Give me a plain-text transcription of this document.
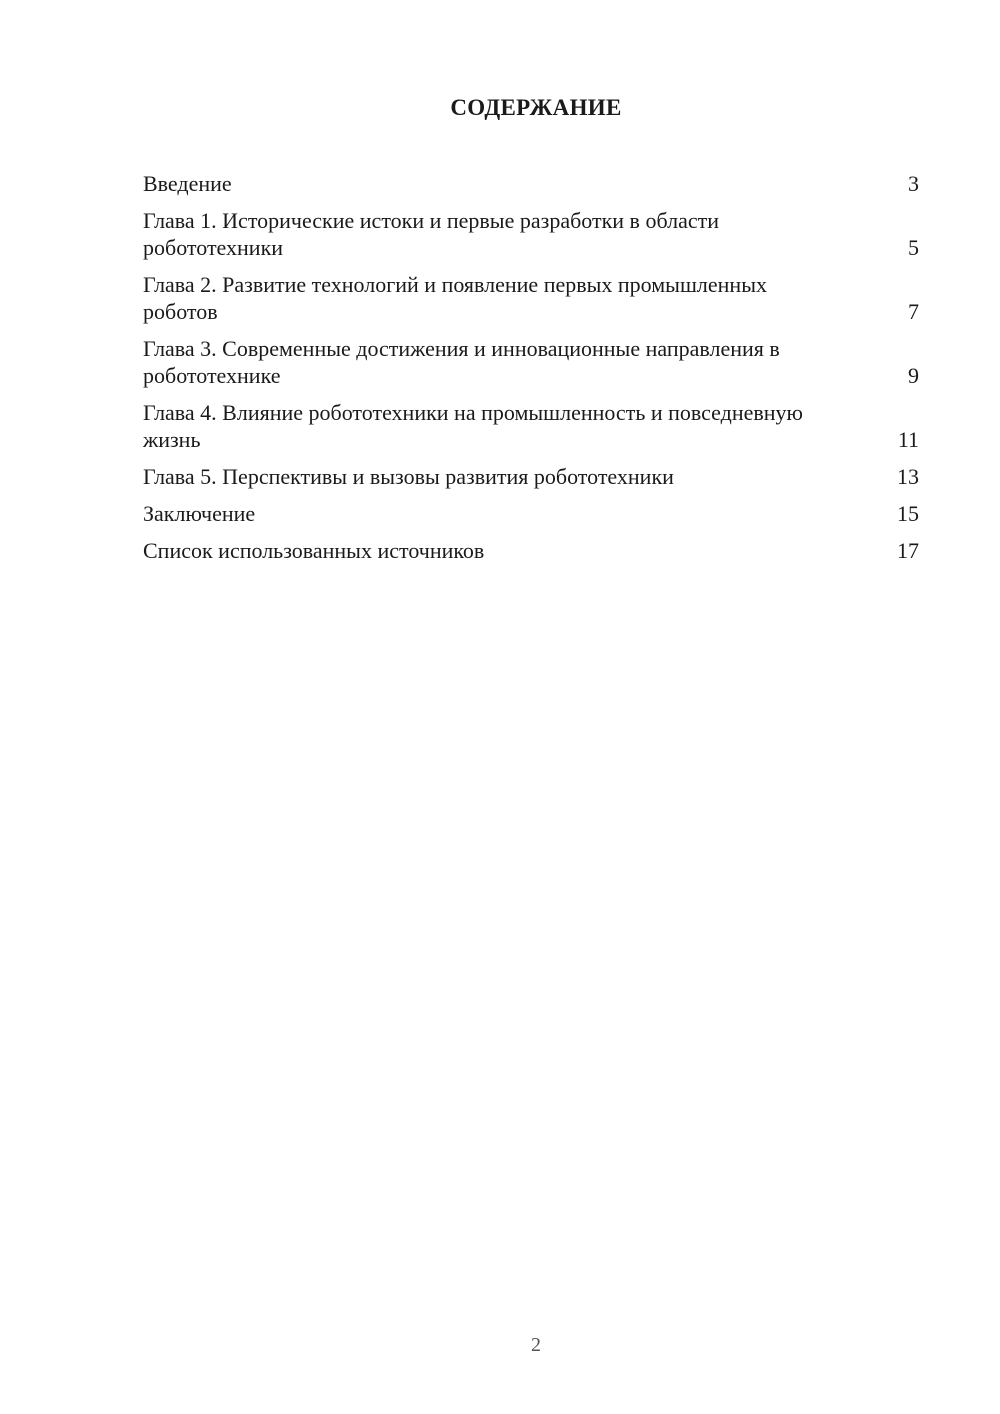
СОДЕРЖАНИЕ
Введение	3
Глава 1. Исторические истоки и первые разработки в области робототехники	5
Глава 2. Развитие технологий и появление первых промышленных роботов	7
Глава 3. Современные достижения и инновационные направления в робототехнике	9
Глава 4. Влияние робототехники на промышленность и повседневную жизнь	11
Глава 5. Перспективы и вызовы развития робототехники	13
Заключение	15
Список использованных источников	17
2
